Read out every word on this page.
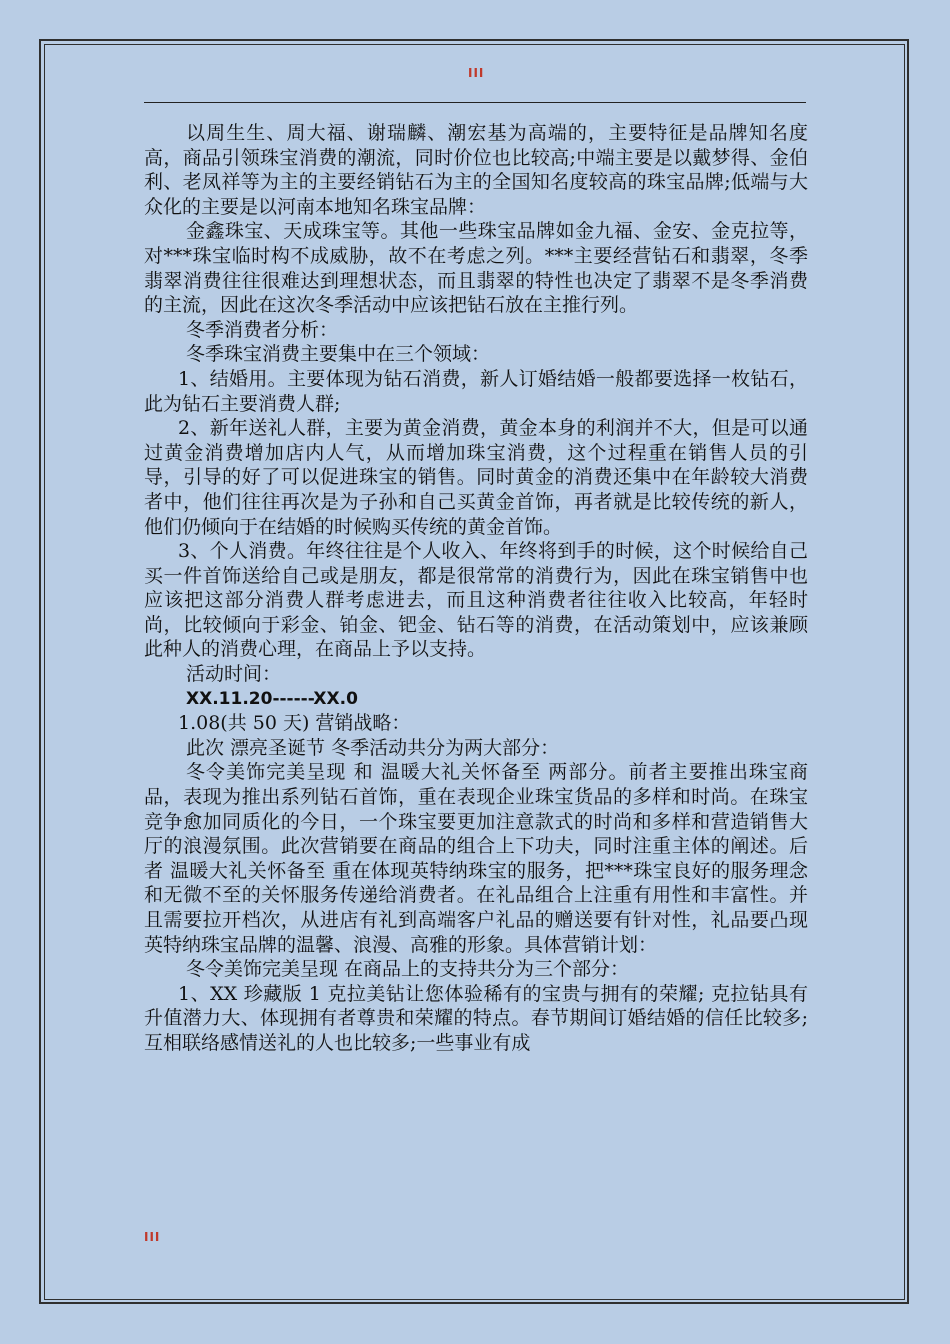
III

以周生生、周大福、谢瑞麟、潮宏基为高端的，主要特征是品牌知名度高，商品引领珠宝消费的潮流，同时价位也比较高;中端主要是以戴梦得、金伯利、老凤祥等为主的主要经销钻石为主的全国知名度较高的珠宝品牌;低端与大众化的主要是以河南本地知名珠宝品牌：

金鑫珠宝、天成珠宝等。其他一些珠宝品牌如金九福、金安、金克拉等，对***珠宝临时构不成威胁，故不在考虑之列。***主要经营钻石和翡翠，冬季翡翠消费往往很难达到理想状态，而且翡翠的特性也决定了翡翠不是冬季消费的主流，因此在这次冬季活动中应该把钻石放在主推行列。

冬季消费者分析：

冬季珠宝消费主要集中在三个领域：

1、结婚用。主要体现为钻石消费，新人订婚结婚一般都要选择一枚钻石，此为钻石主要消费人群;

2、新年送礼人群，主要为黄金消费，黄金本身的利润并不大，但是可以通过黄金消费增加店内人气，从而增加珠宝消费，这个过程重在销售人员的引导，引导的好了可以促进珠宝的销售。同时黄金的消费还集中在年龄较大消费者中，他们往往再次是为子孙和自己买黄金首饰，再者就是比较传统的新人，他们仍倾向于在结婚的时候购买传统的黄金首饰。

3、个人消费。年终往往是个人收入、年终将到手的时候，这个时候给自己买一件首饰送给自己或是朋友，都是很常常的消费行为，因此在珠宝销售中也应该把这部分消费人群考虑进去，而且这种消费者往往收入比较高，年轻时尚，比较倾向于彩金、铂金、钯金、钻石等的消费，在活动策划中，应该兼顾此种人的消费心理，在商品上予以支持。

活动时间：

XX.11.20------XX.0

1.08(共 50 天) 营销战略：

此次 漂亮圣诞节 冬季活动共分为两大部分：

冬令美饰完美呈现 和 温暖大礼关怀备至 两部分。前者主要推出珠宝商品，表现为推出系列钻石首饰，重在表现企业珠宝货品的多样和时尚。在珠宝竞争愈加同质化的今日，一个珠宝要更加注意款式的时尚和多样和营造销售大厅的浪漫氛围。此次营销要在商品的组合上下功夫，同时注重主体的阐述。后者 温暖大礼关怀备至 重在体现英特纳珠宝的服务，把***珠宝良好的服务理念和无微不至的关怀服务传递给消费者。在礼品组合上注重有用性和丰富性。并且需要拉开档次，从进店有礼到高端客户礼品的赠送要有针对性，礼品要凸现英特纳珠宝品牌的温馨、浪漫、高雅的形象。具体营销计划：

冬令美饰完美呈现 在商品上的支持共分为三个部分：

1、XX 珍藏版 1 克拉美钻让您体验稀有的宝贵与拥有的荣耀; 克拉钻具有升值潜力大、体现拥有者尊贵和荣耀的特点。春节期间订婚结婚的信任比较多;互相联络感情送礼的人也比较多;一些事业有成

III
